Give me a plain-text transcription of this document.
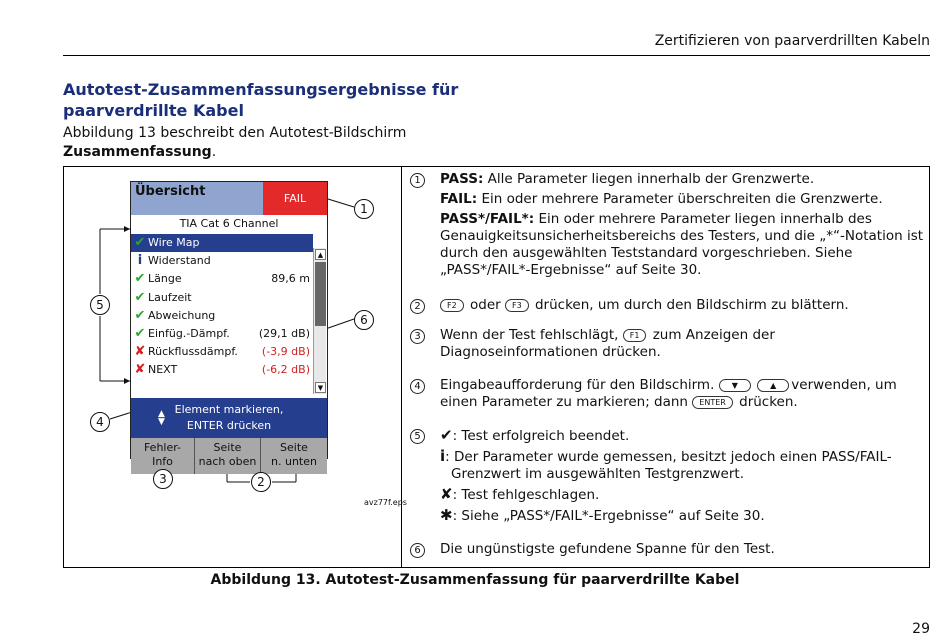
Zertifizieren von paarverdrillten Kabeln
Autotest-Zusammenfassungsergebnisse für paarverdrillte Kabel
Abbildung 13 beschreibt den Autotest-Bildschirm Zusammenfassung.
Übersicht	FAIL
TIA Cat 6 Channel
✔ Wire Map
i Widerstand
✔ Länge	89,6 m
✔ Laufzeit
✔ Abweichung
✔ Einfüg.-Dämpf.	(29,1 dB)
✘ Rückflussdämpf. (-3,9 dB)
✘ NEXT	(-6,2 dB)
▲
▼
▲
▼
Element markieren,
ENTER drücken
Fehler-
Info
Seite
nach oben
Seite
n. unten
1
5
6
4
3	2
avz77f.eps
1	PASS: Alle Parameter liegen innerhalb der Grenzwerte.

FAIL: Ein oder mehrere Parameter überschreiten die Grenzwerte.

PASS*/FAIL*: Ein oder mehrere Parameter liegen innerhalb des Genauigkeitsunsicherheitsbereichs des Testers, und die „*“-Notation ist durch den ausgewählten Teststandard vorgeschrieben. Siehe „PASS*/FAIL*-Ergebnisse“ auf Seite 30.

2	F2 oder F3 drücken, um durch den Bildschirm zu blättern.
3	Wenn der Test fehlschlägt, F1 zum Anzeigen der Diagnoseinformationen drücken.
4	Eingabeaufforderung für den Bildschirm. ▼	▲ verwenden, um einen Parameter zu markieren; dann ENTER drücken.
5 ✔: Test erfolgreich beendet.

i: Der Parameter wurde gemessen, besitzt jedoch einen PASS/FAIL-Grenzwert im ausgewählten Testgrenzwert.

✘: Test fehlgeschlagen.

✱: Siehe „PASS*/FAIL*-Ergebnisse“ auf Seite 30.

6	Die ungünstigste gefundene Spanne für den Test.
Abbildung 13. Autotest-Zusammenfassung für paarverdrillte Kabel
29
